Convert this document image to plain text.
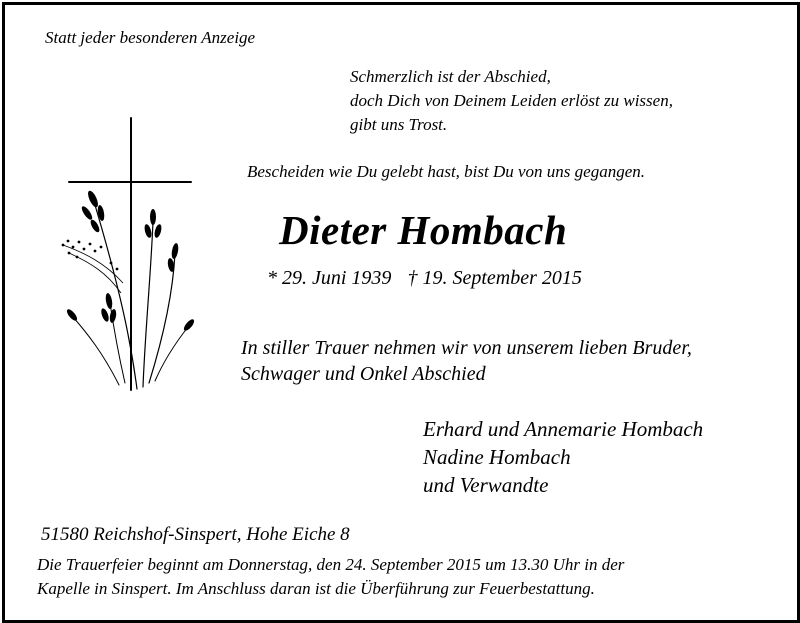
Statt jeder besonderen Anzeige

Schmerzlich ist der Abschied,
doch Dich von Deinem Leiden erlöst zu wissen,
gibt uns Trost.

Bescheiden wie Du gelebt hast, bist Du von uns gegangen.

Dieter Hombach

* 29. Juni 1939 † 19. September 2015

In stiller Trauer nehmen wir von unserem lieben Bruder,
Schwager und Onkel Abschied
Erhard und Annemarie Hombach
Nadine Hombach
und Verwandte

51580 Reichshof-Sinspert, Hohe Eiche 8

Die Trauerfeier beginnt am Donnerstag, den 24. September 2015 um 13.30 Uhr in der
Kapelle in Sinspert. Im Anschluss daran ist die Überführung zur Feuerbestattung.
